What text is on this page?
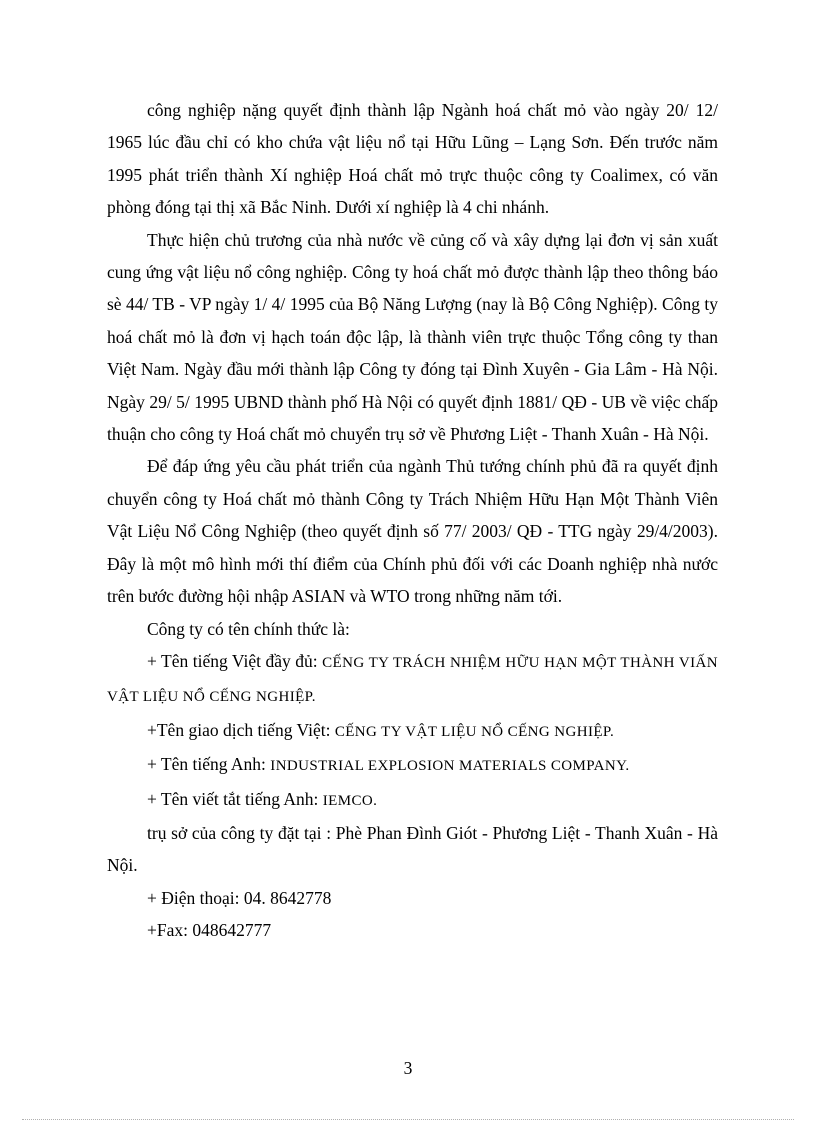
công nghiệp nặng quyết định thành lập Ngành hoá chất mỏ vào ngày 20/ 12/ 1965 lúc đầu chỉ có kho chứa vật liệu nổ tại Hữu Lũng – Lạng Sơn. Đến trước năm 1995 phát triển thành Xí nghiệp Hoá chất mỏ trực thuộc công ty Coalimex, có văn phòng đóng tại thị xã Bắc Ninh. Dưới xí nghiệp là 4 chi nhánh.

Thực hiện chủ trương của nhà nước về củng cố và xây dựng lại đơn vị sản xuất cung ứng vật liệu nổ công nghiệp. Công ty hoá chất mỏ được thành lập theo thông báo sè 44/ TB - VP ngày 1/ 4/ 1995 của Bộ Năng Lượng (nay là Bộ Công Nghiệp). Công ty hoá chất mỏ là đơn vị hạch toán độc lập, là thành viên trực thuộc Tổng công ty than Việt Nam. Ngày đầu mới thành lập Công ty đóng tại Đình Xuyên - Gia Lâm - Hà Nội. Ngày 29/ 5/ 1995 UBND thành phố Hà Nội có quyết định 1881/ QĐ - UB về việc chấp thuận cho công ty Hoá chất mỏ chuyển trụ sở về Phương Liệt - Thanh Xuân - Hà Nội.

Để đáp ứng yêu cầu phát triển của ngành Thủ tướng chính phủ đã ra quyết định chuyển công ty Hoá chất mỏ thành Công ty Trách Nhiệm Hữu Hạn Một Thành Viên Vật Liệu Nổ Công Nghiệp (theo quyết định số 77/ 2003/ QĐ - TTG ngày 29/4/2003). Đây là một mô hình mới thí điểm của Chính phủ đối với các Doanh nghiệp nhà nước trên bước đường hội nhập ASIAN và WTO trong những năm tới.

Công ty có tên chính thức là:

+ Tên tiếng Việt đầy đủ: CẾNG TY TRÁCH NHIỆM HỮU HẠN MỘT THÀNH VIẤN VẬT LIỆU NỔ CẾNG NGHIỆP.

+Tên giao dịch tiếng Việt: CẾNG TY VẬT LIỆU NỔ CẾNG NGHIỆP.

+ Tên tiếng Anh: INDUSTRIAL EXPLOSION MATERIALS COMPANY.

+ Tên viết tắt tiếng Anh: IEMCO.

trụ sở của công ty đặt tại : Phè Phan Đình Giót - Phương Liệt - Thanh Xuân - Hà Nội.

+ Điện thoại: 04. 8642778

+Fax: 048642777

3
